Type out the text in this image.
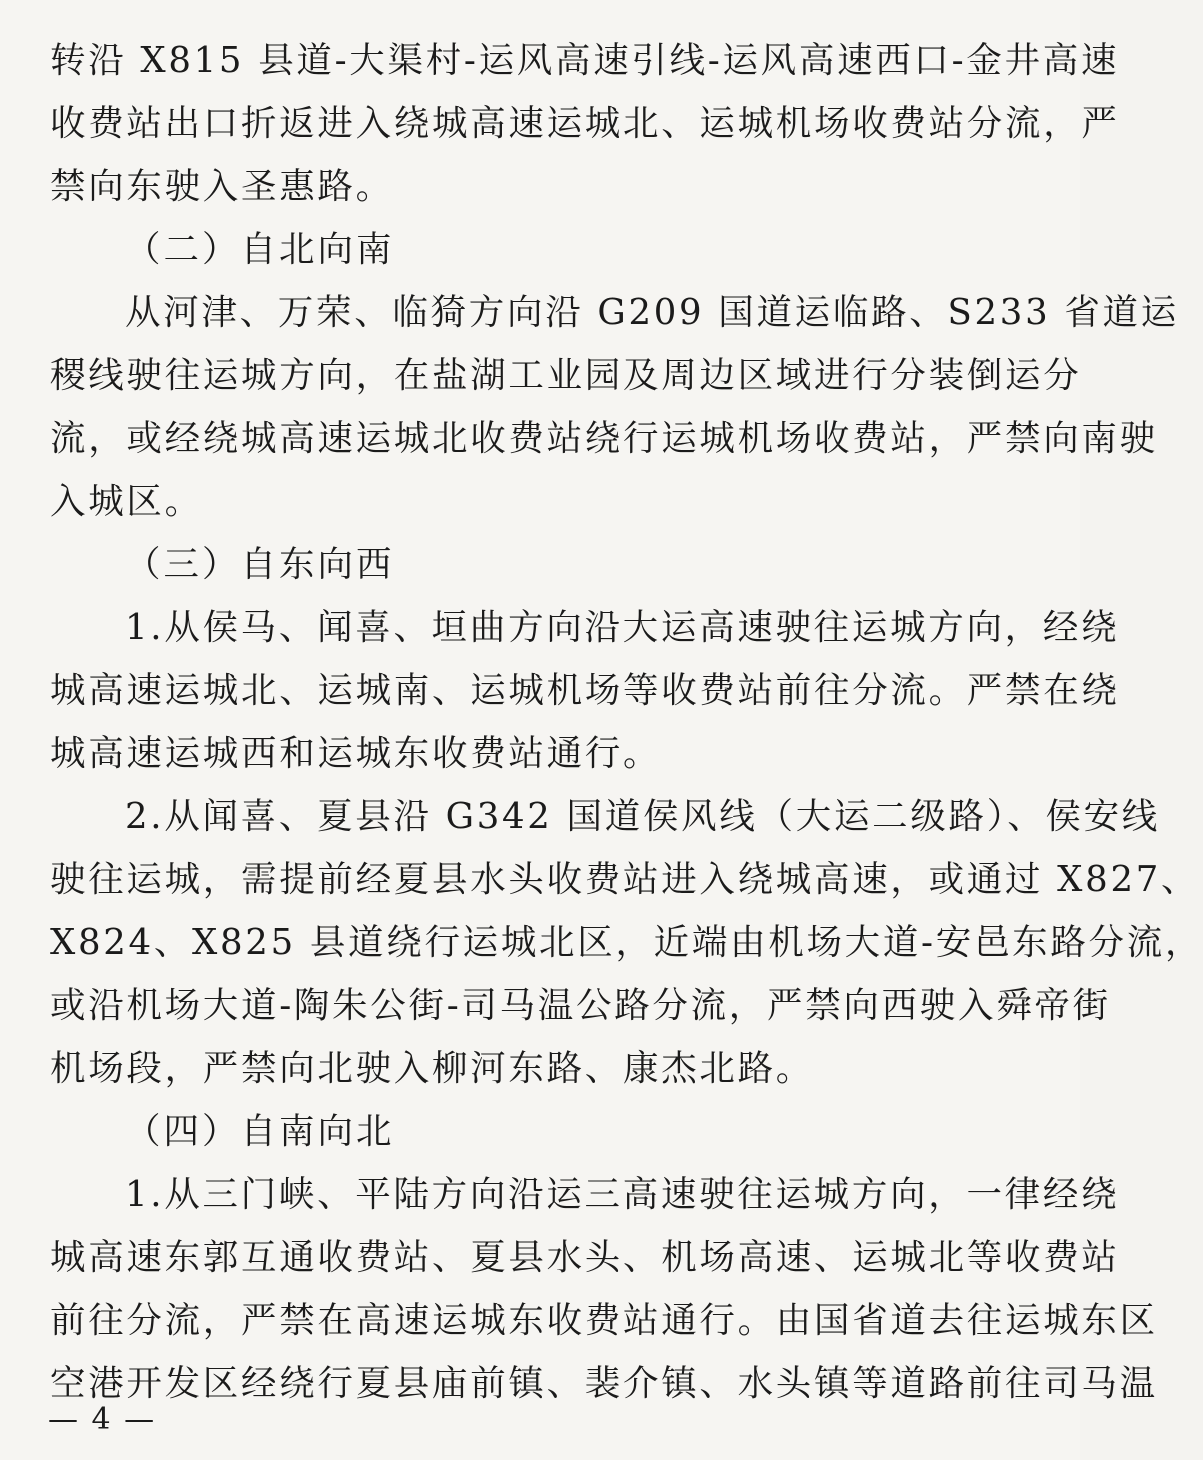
转沿 X815 县道-大渠村-运风高速引线-运风高速西口-金井高速
收费站出口折返进入绕城高速运城北、运城机场收费站分流，严
禁向东驶入圣惠路。
（二）自北向南
从河津、万荣、临猗方向沿 G209 国道运临路、S233 省道运
稷线驶往运城方向，在盐湖工业园及周边区域进行分装倒运分
流，或经绕城高速运城北收费站绕行运城机场收费站，严禁向南驶
入城区。
（三）自东向西
1.从侯马、闻喜、垣曲方向沿大运高速驶往运城方向，经绕
城高速运城北、运城南、运城机场等收费站前往分流。严禁在绕
城高速运城西和运城东收费站通行。
2.从闻喜、夏县沿 G342 国道侯风线（大运二级路）、侯安线
驶往运城，需提前经夏县水头收费站进入绕城高速，或通过 X827、
X824、X825 县道绕行运城北区，近端由机场大道-安邑东路分流，
或沿机场大道-陶朱公街-司马温公路分流，严禁向西驶入舜帝街
机场段，严禁向北驶入柳河东路、康杰北路。
（四）自南向北
1.从三门峡、平陆方向沿运三高速驶往运城方向，一律经绕
城高速东郭互通收费站、夏县水头、机场高速、运城北等收费站
前往分流，严禁在高速运城东收费站通行。由国省道去往运城东区
空港开发区经绕行夏县庙前镇、裴介镇、水头镇等道路前往司马温
— 4 —
